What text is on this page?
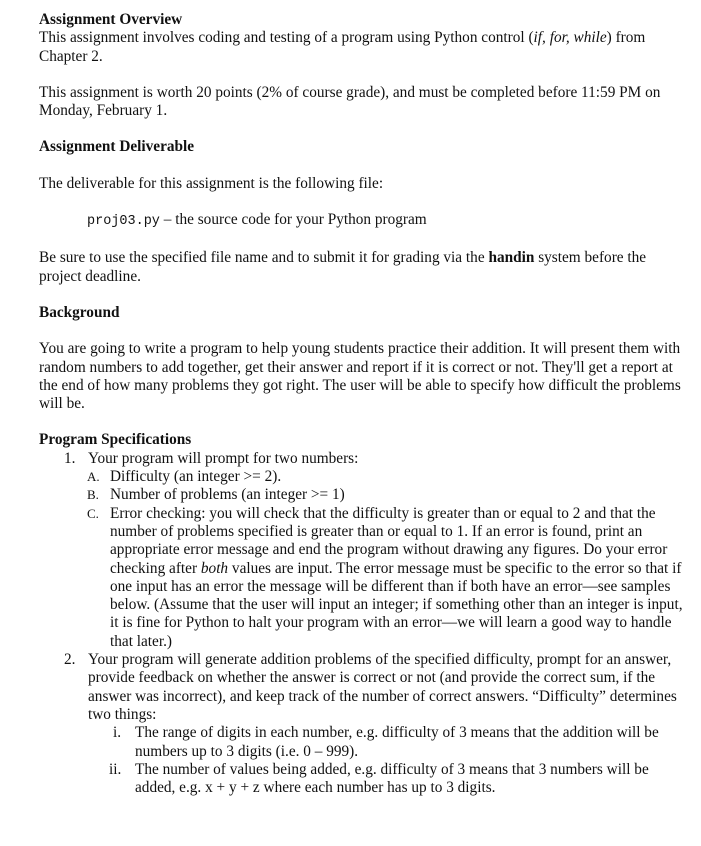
Assignment Overview

This assignment involves coding and testing of a program using Python control (if, for, while) from Chapter 2.

This assignment is worth 20 points (2% of course grade), and must be completed before 11:59 PM on Monday, February 1.

Assignment Deliverable

The deliverable for this assignment is the following file:

proj03.py – the source code for your Python program

Be sure to use the specified file name and to submit it for grading via the handin system before the project deadline.

Background

You are going to write a program to help young students practice their addition. It will present them with random numbers to add together, get their answer and report if it is correct or not. They'll get a report at the end of how many problems they got right. The user will be able to specify how difficult the problems will be.

Program Specifications
1. Your program will prompt for two numbers:
A. Difficulty (an integer >= 2).
B. Number of problems (an integer >= 1)
C. Error checking: you will check that the difficulty is greater than or equal to 2 and that the number of problems specified is greater than or equal to 1. If an error is found, print an appropriate error message and end the program without drawing any figures. Do your error checking after both values are input. The error message must be specific to the error so that if one input has an error the message will be different than if both have an error—see samples below. (Assume that the user will input an integer; if something other than an integer is input, it is fine for Python to halt your program with an error—we will learn a good way to handle that later.)
2. Your program will generate addition problems of the specified difficulty, prompt for an answer, provide feedback on whether the answer is correct or not (and provide the correct sum, if the answer was incorrect), and keep track of the number of correct answers. “Difficulty” determines two things:
i. The range of digits in each number, e.g. difficulty of 3 means that the addition will be numbers up to 3 digits (i.e. 0 – 999).
ii. The number of values being added, e.g. difficulty of 3 means that 3 numbers will be added, e.g. x + y + z where each number has up to 3 digits.
